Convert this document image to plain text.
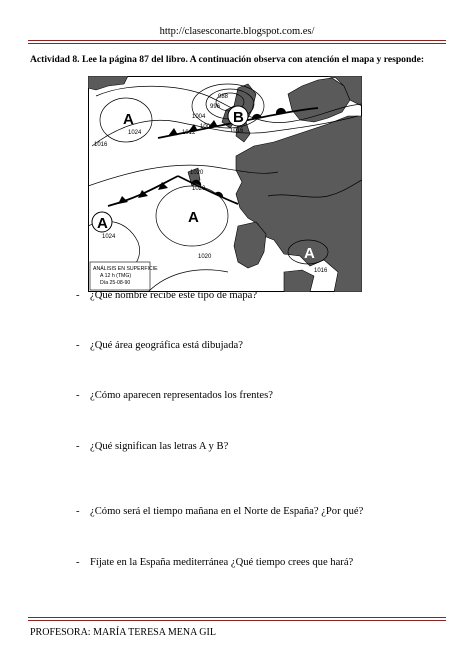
http://clasesconarte.blogspot.com.es/
Actividad 8. Lee la página 87 del libro. A continuación observa con atención el mapa y responde:
B
A
A	A
A
B
988
996
1004
1008
1012	1016
1016
1024
1020
1020
1024
1020
1016
ANÁLISIS EN SUPERFICIE
A 12 h (TMG)
Día 25-08-90
- ¿Qué nombre recibe este tipo de mapa?
- ¿Qué área geográfica está dibujada?
- ¿Cómo aparecen representados los frentes?
- ¿Qué significan las letras A y B?
- ¿Cómo será el tiempo mañana en el Norte de España? ¿Por qué?
- Fíjate en la España mediterránea ¿Qué tiempo crees que hará?
PROFESORA: MARÍA TERESA MENA GIL
